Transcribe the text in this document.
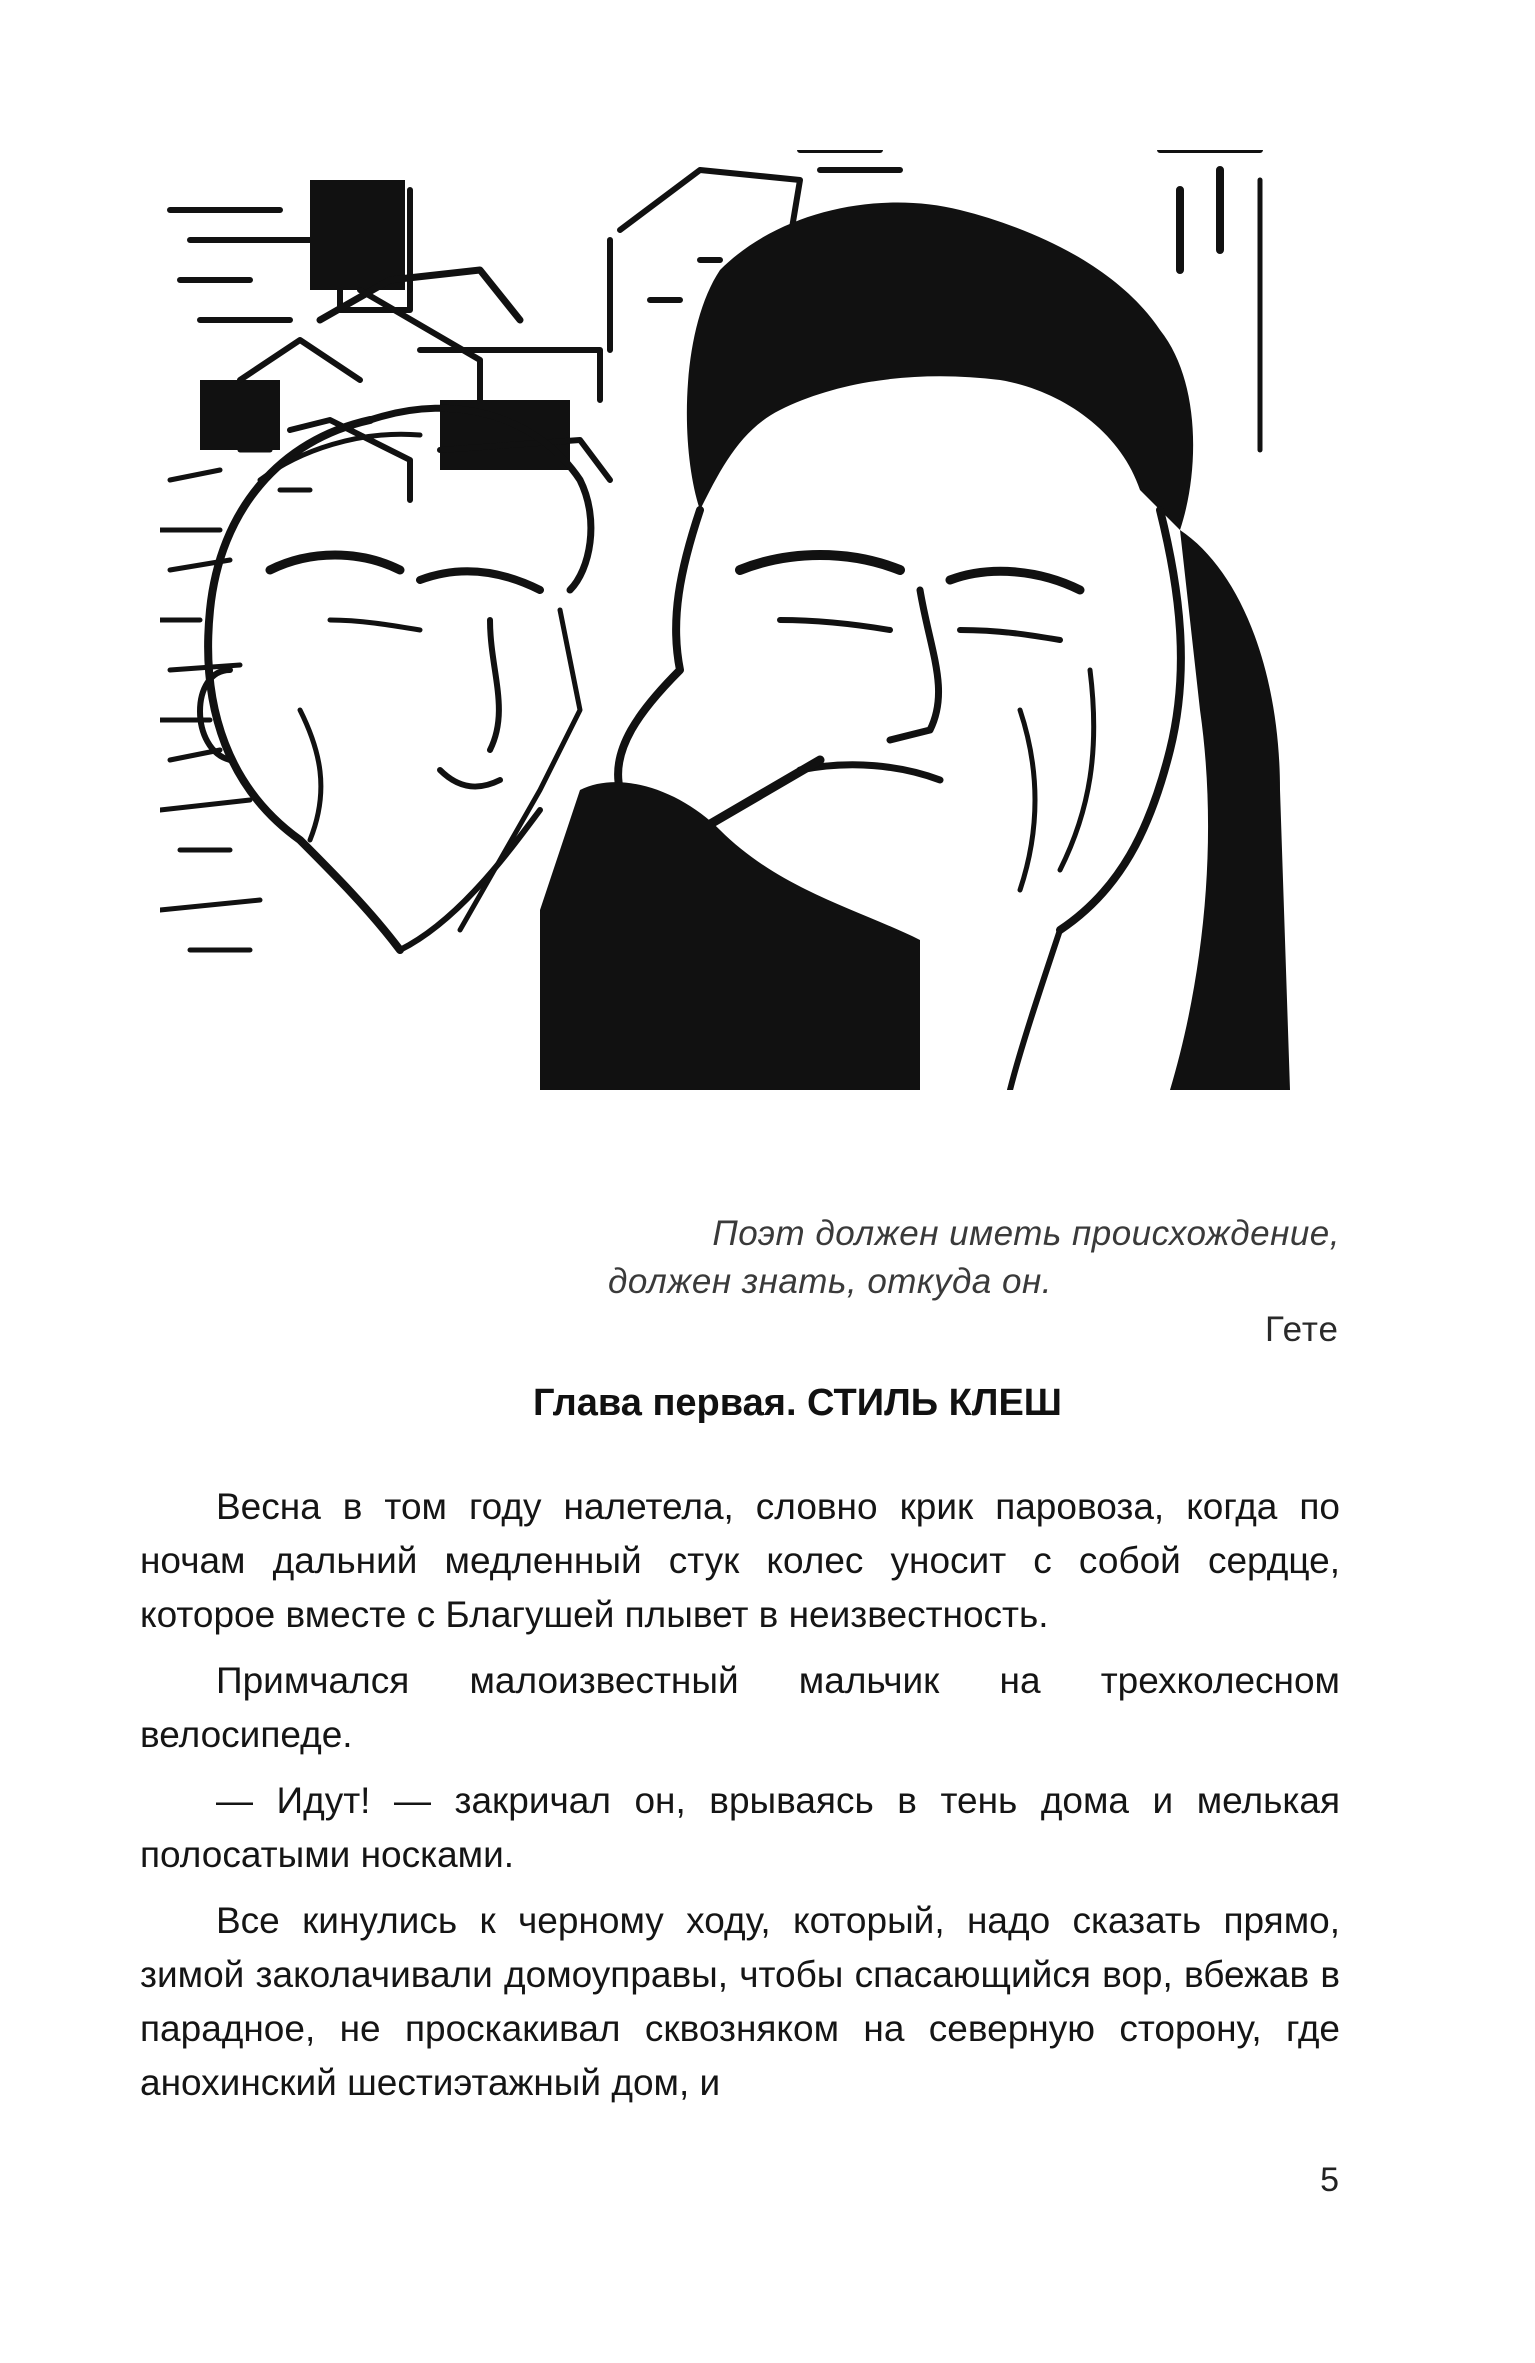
Поэт должен иметь происхождение,
должен знать, откуда он.
Гете
Глава первая. СТИЛЬ КЛЕШ

Весна в том году налетела, словно крик паровоза, когда по ночам дальний медленный стук колес уносит с собой сердце, которое вместе с Благушей плывет в неизвестность.

Примчался малоизвестный мальчик на трехколесном велосипеде.

— Идут! — закричал он, врываясь в тень дома и мелькая полосатыми носками.

Все кинулись к черному ходу, который, надо сказать прямо, зимой заколачивали домоуправы, чтобы спасающийся вор, вбежав в парадное, не проскакивал сквозняком на северную сторону, где анохинский шестиэтажный дом, и

5
